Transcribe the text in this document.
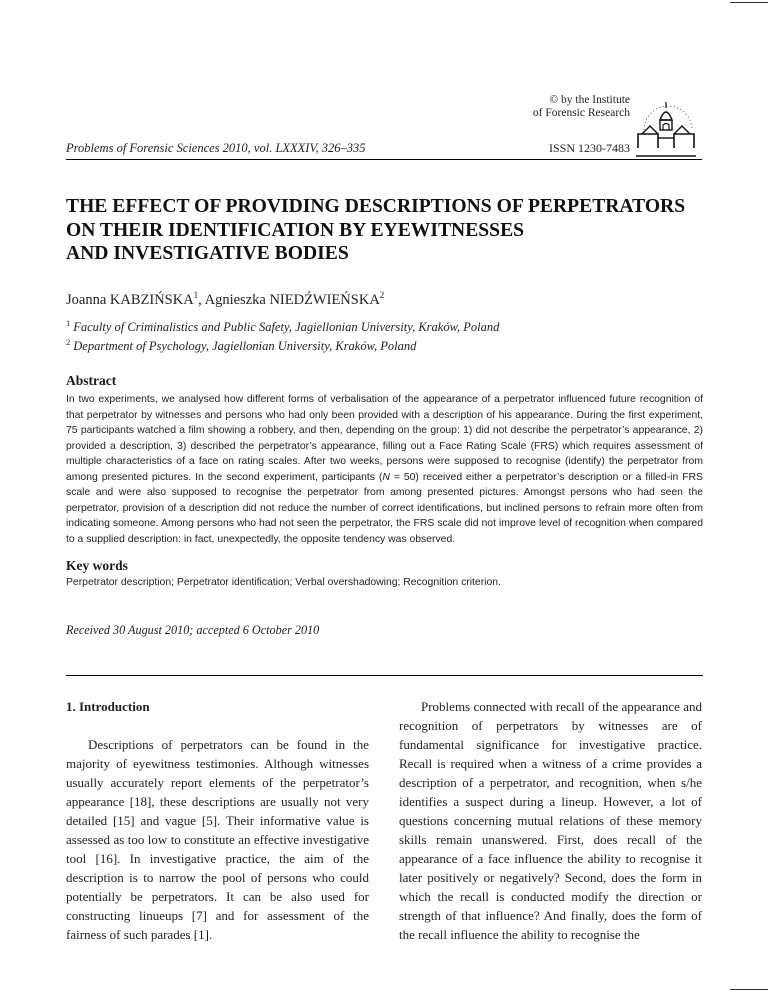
© by the Institute
of Forensic Research
Problems of Forensic Sciences 2010, vol. LXXXIV, 326–335	ISSN 1230-7483
THE EFFECT OF PROVIDING DESCRIPTIONS OF PERPETRATORS
ON THEIR IDENTIFICATION BY EYEWITNESSES
AND INVESTIGATIVE BODIES
Joanna KABZIŃSKA$^1$, Agnieszka NIEDŹWIEŃSKA$^2$
$^1$ Faculty of Criminalistics and Public Safety, Jagiellonian University, Kraków, Poland
$^2$ Department of Psychology, Jagiellonian University, Kraków, Poland
Abstract
In two experiments, we analysed how different forms of verbalisation of the appearance of a perpetrator influenced future recognition of that perpetrator by witnesses and persons who had only been provided with a description of his appearance. During the first experiment, 75 participants watched a film showing a robbery, and then, depending on the group: 1) did not describe the perpetrator’s appearance, 2) provided a description, 3) described the perpetrator’s appearance, filling out a Face Rating Scale (FRS) which requires assessment of multiple characteristics of a face on rating scales. After two weeks, persons were supposed to recognise (identify) the perpetrator from among presented pictures. In the second experiment, participants (N = 50) received either a perpetrator’s description or a filled-in FRS scale and were also supposed to recognise the perpetrator from among presented pictures. Amongst persons who had seen the perpetrator, provision of a description did not reduce the number of correct identifications, but inclined persons to refrain more often from indicating someone. Among persons who had not seen the perpetrator, the FRS scale did not improve level of recognition when compared to a supplied description: in fact, unexpectedly, the opposite tendency was observed.
Key words
Perpetrator description; Perpetrator identification; Verbal overshadowing; Recognition criterion.
Received 30 August 2010; accepted 6 October 2010
1. Introduction

Descriptions of perpetrators can be found in the majority of eyewitness testimonies. Although witnesses usually accurately report elements of the perpetrator’s appearance [18], these descriptions are usually not very detailed [15] and vague [5]. Their informative value is assessed as too low to constitute an effective investigative tool [16]. In investigative practice, the aim of the description is to narrow the pool of persons who could potentially be perpetrators. It can be also used for constructing linueups [7] and for assessment of the fairness of such parades [1].

Problems connected with recall of the appearance and recognition of perpetrators by witnesses are of fundamental significance for investigative practice. Recall is required when a witness of a crime provides a description of a perpetrator, and recognition, when s/he identifies a suspect during a lineup. However, a lot of questions concerning mutual relations of these memory skills remain unanswered. First, does recall of the appearance of a face influence the ability to recognise it later positively or negatively? Second, does the form in which the recall is conducted modify the direction or strength of that influence? And finally, does the form of the recall influence the ability to recognise the
